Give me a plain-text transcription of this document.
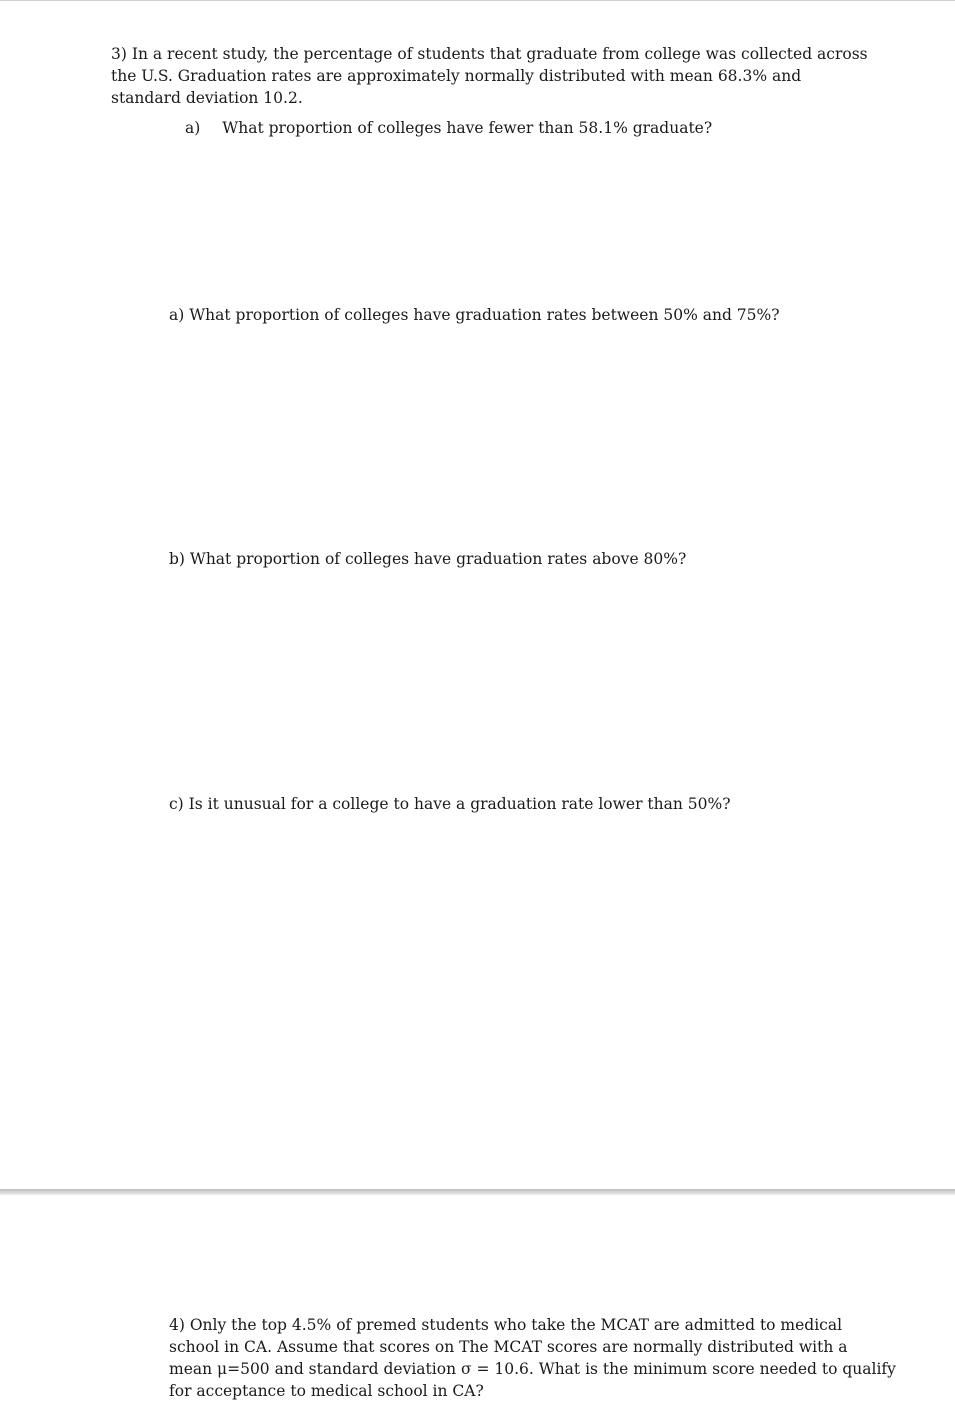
3) In a recent study, the percentage of students that graduate from college was collected across
the U.S. Graduation rates are approximately normally distributed with mean 68.3% and
standard deviation 10.2.
a) What proportion of colleges have fewer than 58.1% graduate?
a) What proportion of colleges have graduation rates between 50% and 75%?
b) What proportion of colleges have graduation rates above 80%?
c) Is it unusual for a college to have a graduation rate lower than 50%?
4) Only the top 4.5% of premed students who take the MCAT are admitted to medical
school in CA. Assume that scores on The MCAT scores are normally distributed with a
mean μ=500 and standard deviation σ = 10.6. What is the minimum score needed to qualify
for acceptance to medical school in CA?
